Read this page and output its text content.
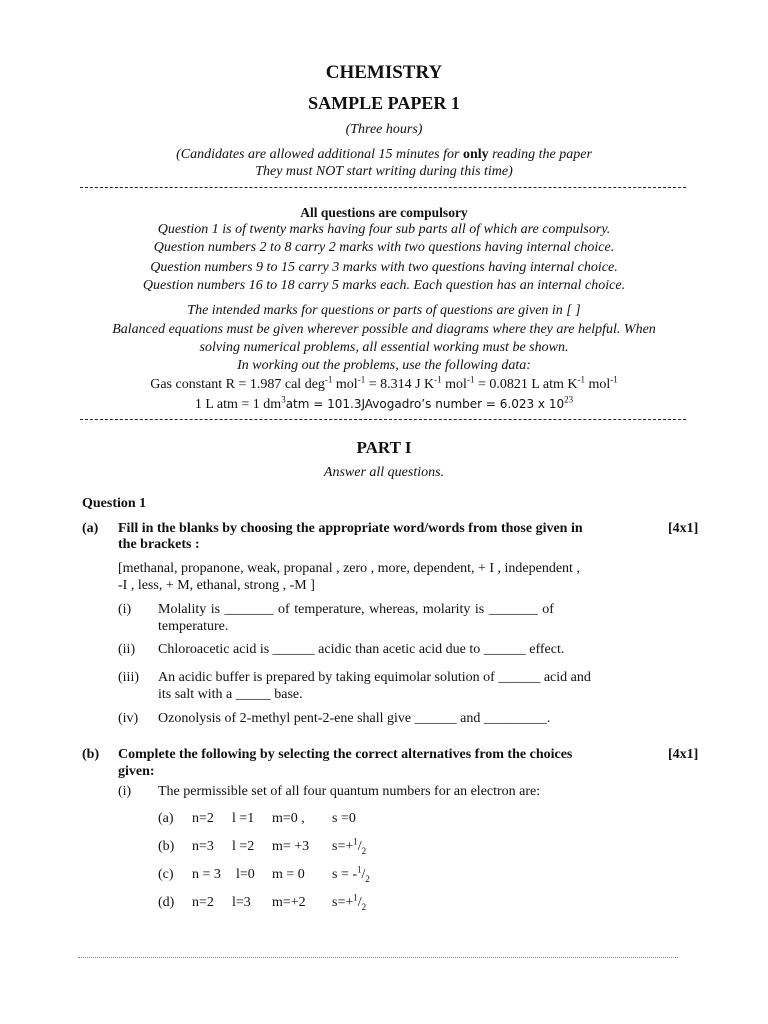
CHEMISTRY
SAMPLE PAPER 1
(Three hours)
(Candidates are allowed additional 15 minutes for only reading the paper
They must NOT start writing during this time)
All questions are compulsory
Question 1 is of twenty marks having four sub parts all of which are compulsory.
Question numbers 2 to 8 carry 2 marks with two questions having internal choice.
Question numbers 9 to 15 carry 3 marks with two questions having internal choice.
Question numbers 16 to 18 carry 5 marks each. Each question has an internal choice.
The intended marks for questions or parts of questions are given in [ ]
Balanced equations must be given wherever possible and diagrams where they are helpful. When
solving numerical problems, all essential working must be shown.
In working out the problems, use the following data:
Gas constant R = 1.987 cal deg$^{-1}$ mol$^{-1}$ = 8.314 J $K^{-1}$ mol$^{-1}$ = 0.0821 L atm $K^{-1}$ mol$^{-1}$
1 L atm = 1 $dm^3atm$ = 101.3JAvogadro’s number = 6.023 x $10^{23}$
PART I
Answer all questions.
Question 1
(a) Fill in the blanks by choosing the appropriate word/words from those given in
the brackets :
[4x1]
[methanal, propanone, weak, propanal , zero , more, dependent, + I , independent ,
-I , less, + M, ethanal, strong , -M ]
(i) Molality is _______ of temperature, whereas, molarity is _______ of
temperature.
(ii) Chloroacetic acid is ______ acidic than acetic acid due to ______ effect.
(iii) An acidic buffer is prepared by taking equimolar solution of ______ acid and
its salt with a _____ base.
(iv) Ozonolysis of 2-methyl pent-2-ene shall give ______ and _________.
(b) Complete the following by selecting the correct alternatives from the choices
given:
[4x1]
(i) The permissible set of all four quantum numbers for an electron are:
(a) n=2 l =1 m=0 , s =0
(b) n=3 l =2 m= +3 $s=+^1/_2$
(c) n = 3 l=0 m = 0 $s = -^1/_2$
(d) n=2 l=3 m=+2 $s=+^1/_2$
